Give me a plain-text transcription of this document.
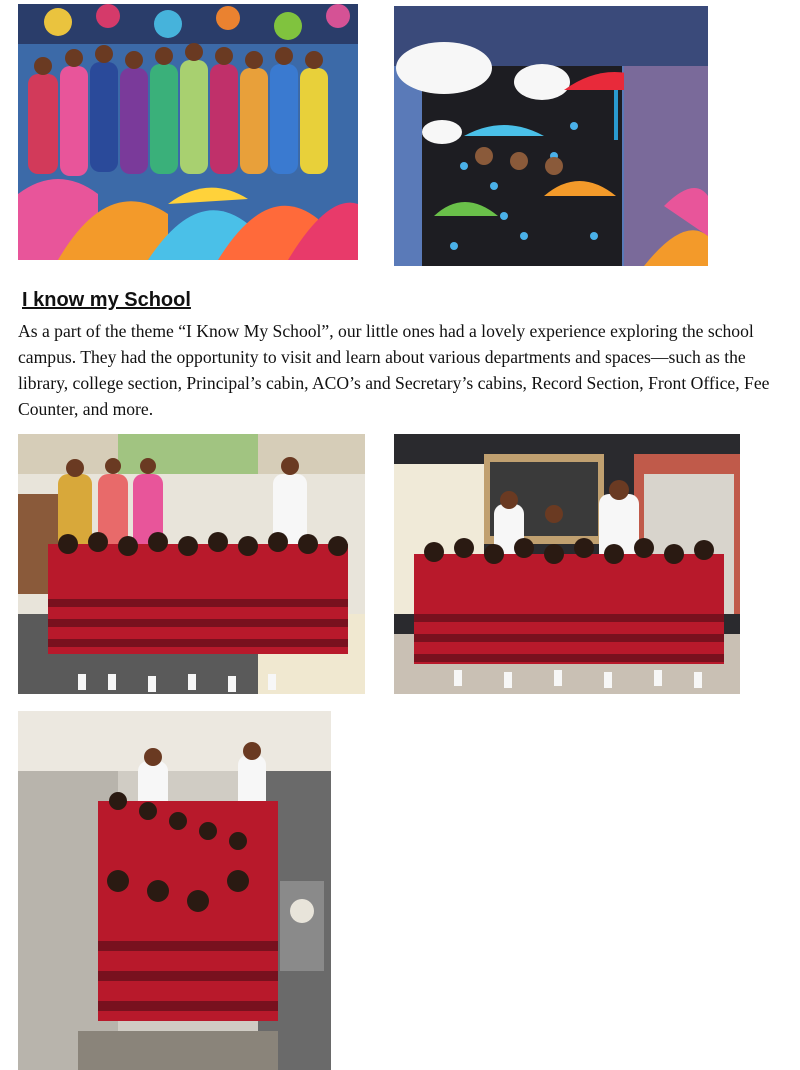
I know my School

As a part of the theme “I Know My School”, our little ones had a lovely experience exploring the school campus. They had the opportunity to visit and learn about various departments and spaces—such as the library, college section, Principal’s cabin, ACO’s and Secretary’s cabins, Record Section, Front Office, Fee Counter, and more.
